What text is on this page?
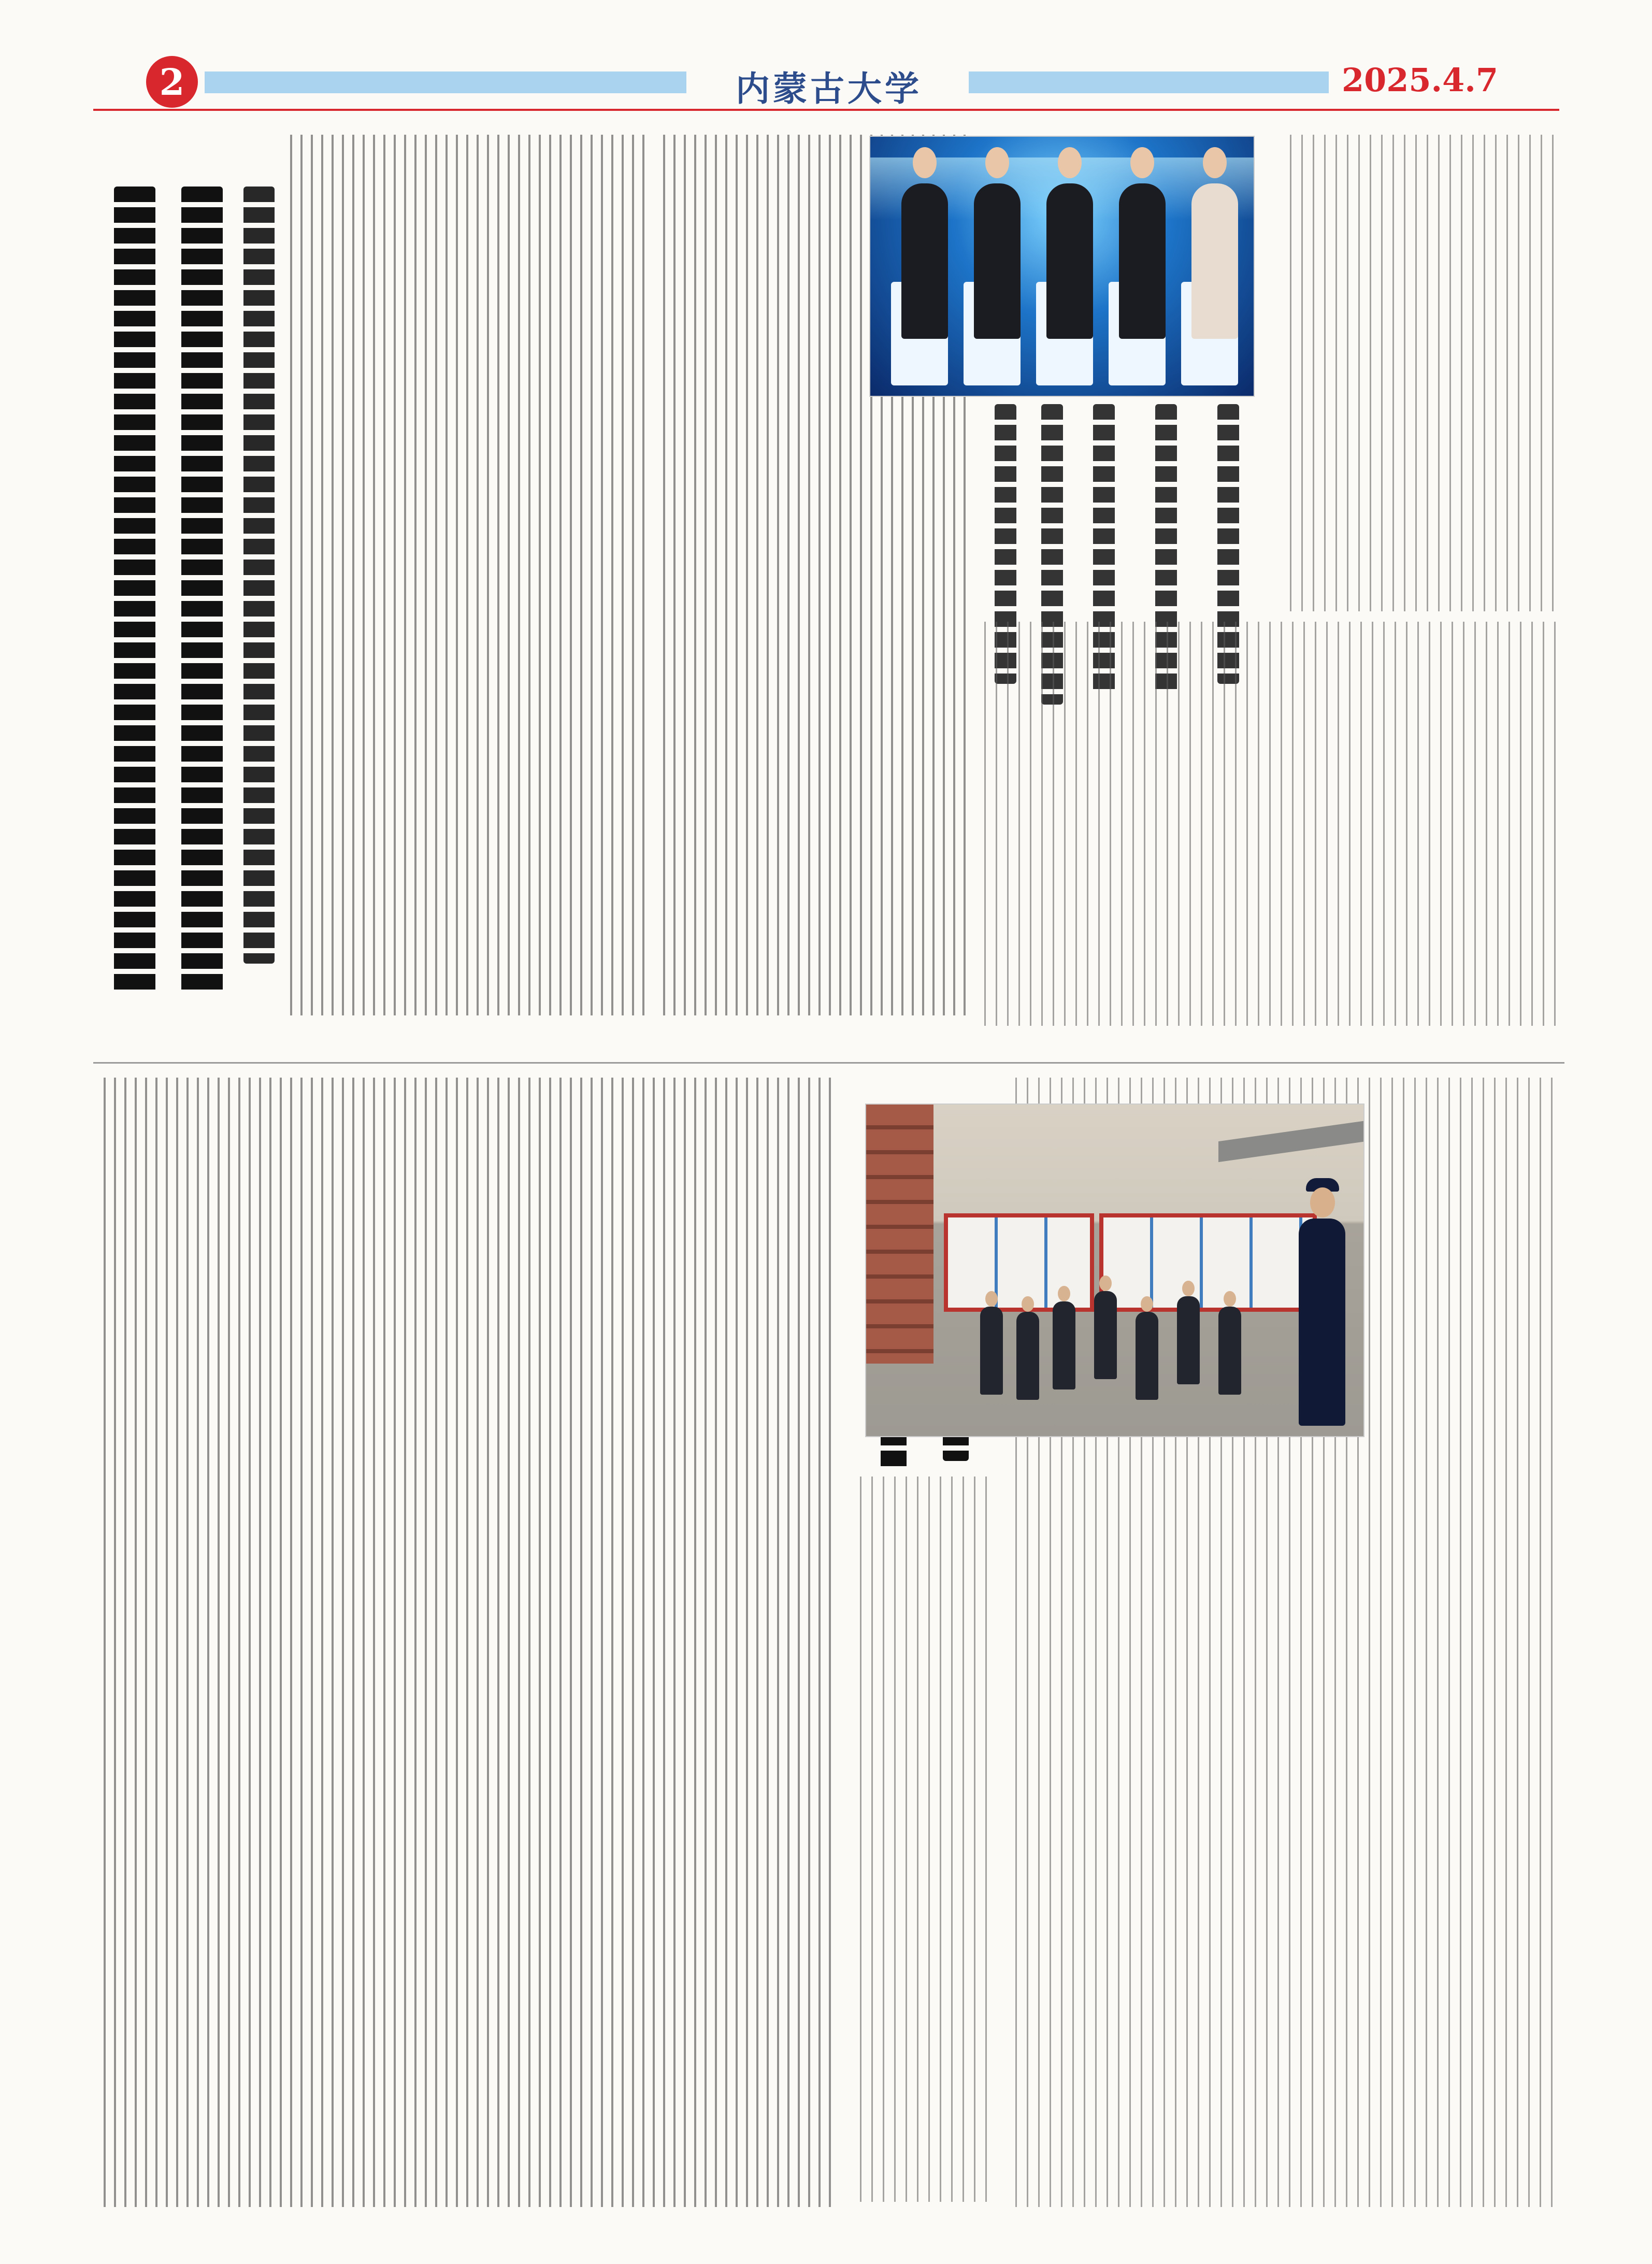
2	内蒙古大学	2025.4.7
